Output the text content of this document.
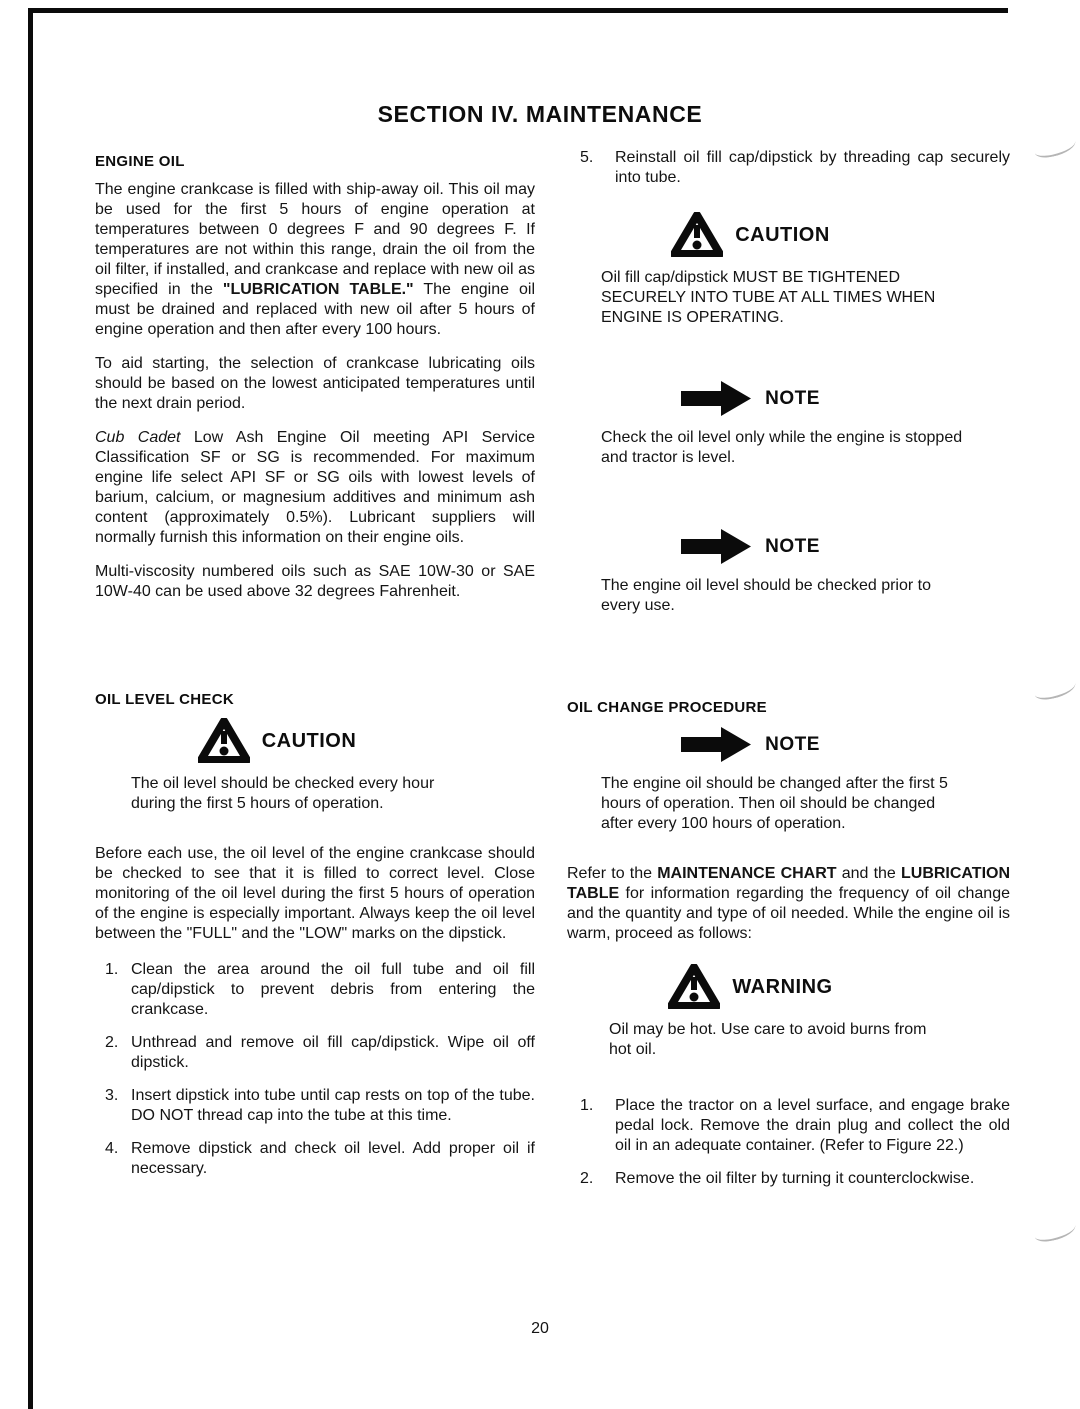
SECTION IV. MAINTENANCE
ENGINE OIL

The engine crankcase is filled with ship-away oil. This oil may be used for the first 5 hours of engine operation at temperatures between 0 degrees F and 90 degrees F. If temperatures are not within this range, drain the oil from the oil filter, if installed, and crankcase and replace with new oil as specified in the "LUBRICATION TABLE." The engine oil must be drained and replaced with new oil after 5 hours of engine operation and then after every 100 hours.

To aid starting, the selection of crankcase lubricating oils should be based on the lowest anticipated temperatures until the next drain period.

Cub Cadet Low Ash Engine Oil meeting API Service Classification SF or SG is recommended. For maximum engine life select API SF or SG oils with lowest levels of barium, calcium, or magnesium additives and minimum ash content (approximately 0.5%). Lubricant suppliers will normally furnish this information on their engine oils.

Multi-viscosity numbered oils such as SAE 10W-30 or SAE 10W-40 can be used above 32 degrees Fahrenheit.

OIL LEVEL CHECK
CAUTION

The oil level should be checked every hour during the first 5 hours of operation.

Before each use, the oil level of the engine crankcase should be checked to see that it is filled to correct level. Close monitoring of the oil level during the first 5 hours of operation of the engine is especially important. Always keep the oil level between the "FULL" and the "LOW" marks on the dipstick.

1. Clean the area around the oil full tube and oil fill cap/dipstick to prevent debris from entering the crankcase.
2. Unthread and remove oil fill cap/dipstick. Wipe oil off dipstick.
3. Insert dipstick into tube until cap rests on top of the tube. DO NOT thread cap into the tube at this time.
4. Remove dipstick and check oil level. Add proper oil if necessary.
5.	Reinstall oil fill cap/dipstick by threading cap securely into tube.
CAUTION

Oil fill cap/dipstick MUST BE TIGHTENED SECURELY INTO TUBE AT ALL TIMES WHEN ENGINE IS OPERATING.

NOTE

Check the oil level only while the engine is stopped and tractor is level.

NOTE

The engine oil level should be checked prior to every use.

OIL CHANGE PROCEDURE
NOTE

The engine oil should be changed after the first 5 hours of operation. Then oil should be changed after every 100 hours of operation.

Refer to the MAINTENANCE CHART and the LUBRICATION TABLE for information regarding the frequency of oil change and the quantity and type of oil needed. While the engine oil is warm, proceed as follows:

WARNING

Oil may be hot. Use care to avoid burns from hot oil.

1.	Place the tractor on a level surface, and engage brake pedal lock. Remove the drain plug and collect the old oil in an adequate container. (Refer to Figure 22.)
2.	Remove the oil filter by turning it counterclockwise.
20
